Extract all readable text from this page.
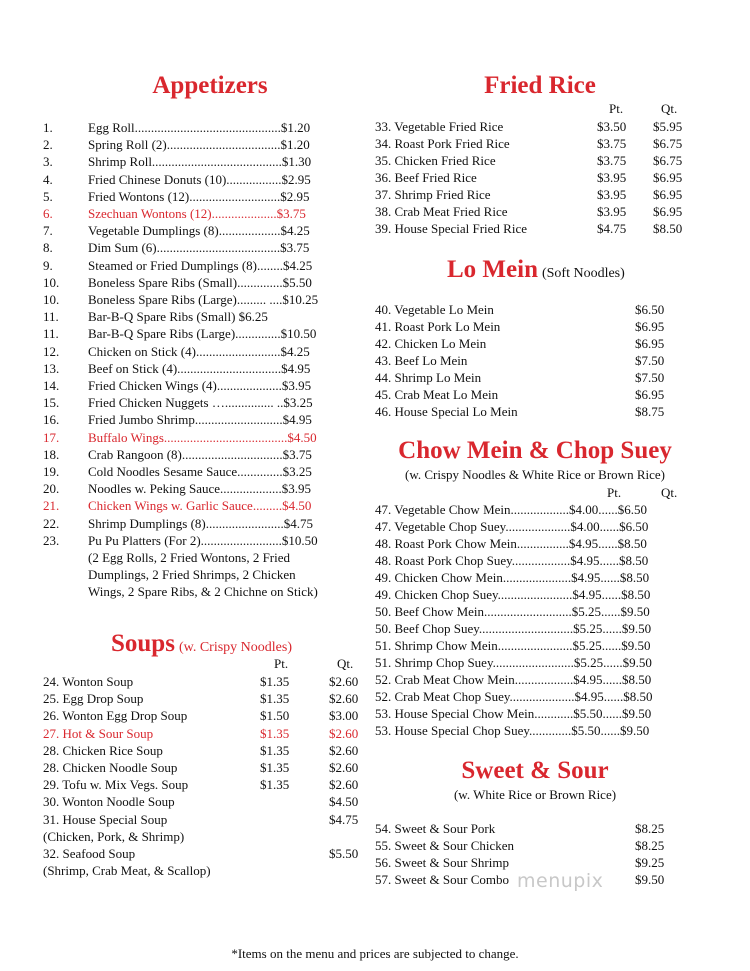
Appetizers
Soups (w. Crispy Noodles)
Fried Rice
Lo Mein (Soft Noodles)
Chow Mein & Chop Suey
(w. Crispy Noodles & White Rice or Brown Rice)
Sweet & Sour
(w. White Rice or Brown Rice)
Pt.	Qt.
Pt.	Qt.
Pt.	Qt.
1.	Egg Roll.............................................$1.20
2.	Spring Roll (2)...................................$1.20
3.	Shrimp Roll........................................$1.30
4.	Fried Chinese Donuts (10).................$2.95
5.	Fried Wontons (12)............................$2.95
6.	Szechuan Wontons (12)....................$3.75
7.	Vegetable Dumplings (8)...................$4.25
8.	Dim Sum (6)......................................$3.75
9.	Steamed or Fried Dumplings (8)........$4.25
10. Boneless Spare Ribs (Small)..............$5.50
10. Boneless Spare Ribs (Large)......... ....$10.25
11. Bar-B-Q Spare Ribs (Small) $6.25
11. Bar-B-Q Spare Ribs (Large)..............$10.50
12. Chicken on Stick (4)..........................$4.25
13. Beef on Stick (4)................................$4.95
14. Fried Chicken Wings (4)....................$3.95
15. Fried Chicken Nuggets …............... ..$3.25
16. Fried Jumbo Shrimp...........................$4.95
17. Buffalo Wings......................................$4.50
18. Crab Rangoon (8)...............................$3.75
19. Cold Noodles Sesame Sauce..............$3.25
20. Noodles w. Peking Sauce...................$3.95
21. Chicken Wings w. Garlic Sauce.........$4.50
22. Shrimp Dumplings (8)........................$4.75
23. Pu Pu Platters (For 2).........................$10.50
(2 Egg Rolls, 2 Fried Wontons, 2 Fried
Dumplings, 2 Fried Shrimps, 2 Chicken
Wings, 2 Spare Ribs, & 2 Chichne on Stick)
24. Wonton Soup	$1.35	$2.60
25. Egg Drop Soup	$1.35	$2.60
26. Wonton Egg Drop Soup	$1.50	$3.00
27. Hot & Sour Soup	$1.35	$2.60
28. Chicken Rice Soup	$1.35	$2.60
28. Chicken Noodle Soup	$1.35	$2.60
29. Tofu w. Mix Vegs. Soup	$1.35	$2.60
30. Wonton Noodle Soup	$4.50
31. House Special Soup	$4.75
(Chicken, Pork, & Shrimp)
32. Seafood Soup	$5.50
(Shrimp, Crab Meat, & Scallop)
33. Vegetable Fried Rice	$3.50 $5.95
34. Roast Pork Fried Rice	$3.75 $6.75
35. Chicken Fried Rice	$3.75 $6.75
36. Beef Fried Rice	$3.95 $6.95
37. Shrimp Fried Rice	$3.95 $6.95
38. Crab Meat Fried Rice	$3.95 $6.95
39. House Special Fried Rice	$4.75 $8.50
40. Vegetable Lo Mein	$6.50
41. Roast Pork Lo Mein	$6.95
42. Chicken Lo Mein	$6.95
43. Beef Lo Mein	$7.50
44. Shrimp Lo Mein	$7.50
45. Crab Meat Lo Mein	$6.95
46. House Special Lo Mein	$8.75
47. Vegetable Chow Mein..................$4.00......$6.50
47. Vegetable Chop Suey....................$4.00......$6.50
48. Roast Pork Chow Mein................$4.95......$8.50
48. Roast Pork Chop Suey..................$4.95......$8.50
49. Chicken Chow Mein.....................$4.95......$8.50
49. Chicken Chop Suey.......................$4.95......$8.50
50. Beef Chow Mein...........................$5.25......$9.50
50. Beef Chop Suey.............................$5.25......$9.50
51. Shrimp Chow Mein.......................$5.25......$9.50
51. Shrimp Chop Suey.........................$5.25......$9.50
52. Crab Meat Chow Mein..................$4.95......$8.50
52. Crab Meat Chop Suey....................$4.95......$8.50
53. House Special Chow Mein............$5.50......$9.50
53. House Special Chop Suey.............$5.50......$9.50
54. Sweet & Sour Pork	$8.25
55. Sweet & Sour Chicken	$8.25
56. Sweet & Sour Shrimp	$9.25
57. Sweet & Sour Combo	$9.50
menupix
*Items on the menu and prices are subjected to change.
